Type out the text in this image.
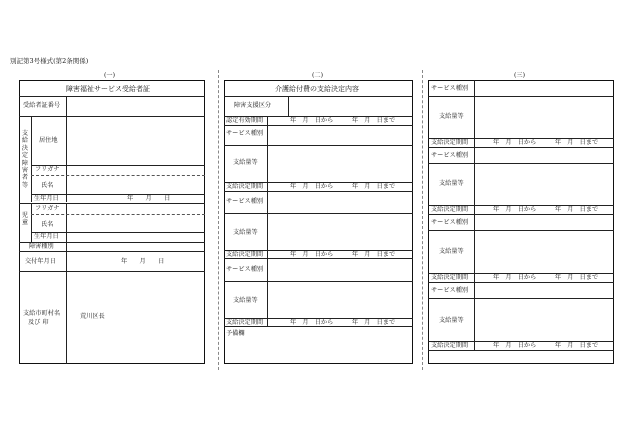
別記第3号様式(第2条関係)
(一)
障害福祉サービス受給者証
受給者証番号
支給決定障害者等
居住地
フリガナ
氏名
生年月日	年　　月　　日
児童
フリガナ
氏名
生年月日
障害種別
交付年月日	年　　月　　日
支給市町村名
及び 印
荒川区長
(二)
介護給付費の支給決定内容
障害支援区分
認定有効期間	年　月　日から　　　年　月　日まで
サービス種別
支給量等
支給決定期間	年　月　日から　　　年　月　日まで
サービス種別
支給量等
支給決定期間	年　月　日から　　　年　月　日まで
サービス種別
支給量等
支給決定期間	年　月　日から　　　年　月　日まで
予備欄
(三)
サービス種別
支給量等
支給決定期間	年　月　日から　　　年　月　日まで
サービス種別
支給量等
支給決定期間	年　月　日から　　　年　月　日まで
サービス種別
支給量等
支給決定期間	年　月　日から　　　年　月　日まで
サービス種別
支給量等
支給決定期間	年　月　日から　　　年　月　日まで
